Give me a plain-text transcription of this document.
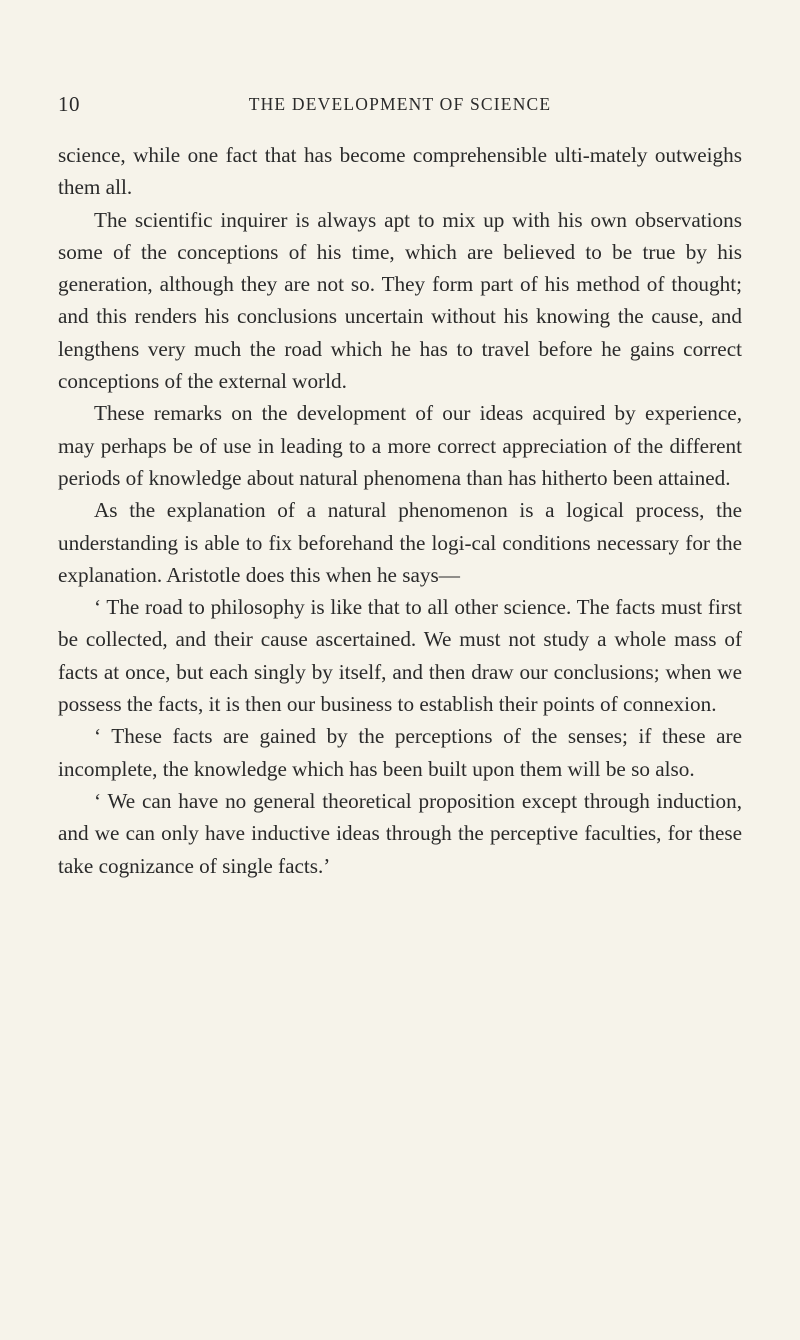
10	THE DEVELOPMENT OF SCIENCE

science, while one fact that has become comprehensible ulti-mately outweighs them all.

The scientific inquirer is always apt to mix up with his own observations some of the conceptions of his time, which are believed to be true by his generation, although they are not so. They form part of his method of thought; and this renders his conclusions uncertain without his knowing the cause, and lengthens very much the road which he has to travel before he gains correct conceptions of the external world.

These remarks on the development of our ideas acquired by experience, may perhaps be of use in leading to a more correct appreciation of the different periods of knowledge about natural phenomena than has hitherto been attained.

As the explanation of a natural phenomenon is a logical process, the understanding is able to fix beforehand the logi-cal conditions necessary for the explanation. Aristotle does this when he says—

‘ The road to philosophy is like that to all other science. The facts must first be collected, and their cause ascertained. We must not study a whole mass of facts at once, but each singly by itself, and then draw our conclusions; when we possess the facts, it is then our business to establish their points of connexion.

‘ These facts are gained by the perceptions of the senses; if these are incomplete, the knowledge which has been built upon them will be so also.

‘ We can have no general theoretical proposition except through induction, and we can only have inductive ideas through the perceptive faculties, for these take cognizance of single facts.’
